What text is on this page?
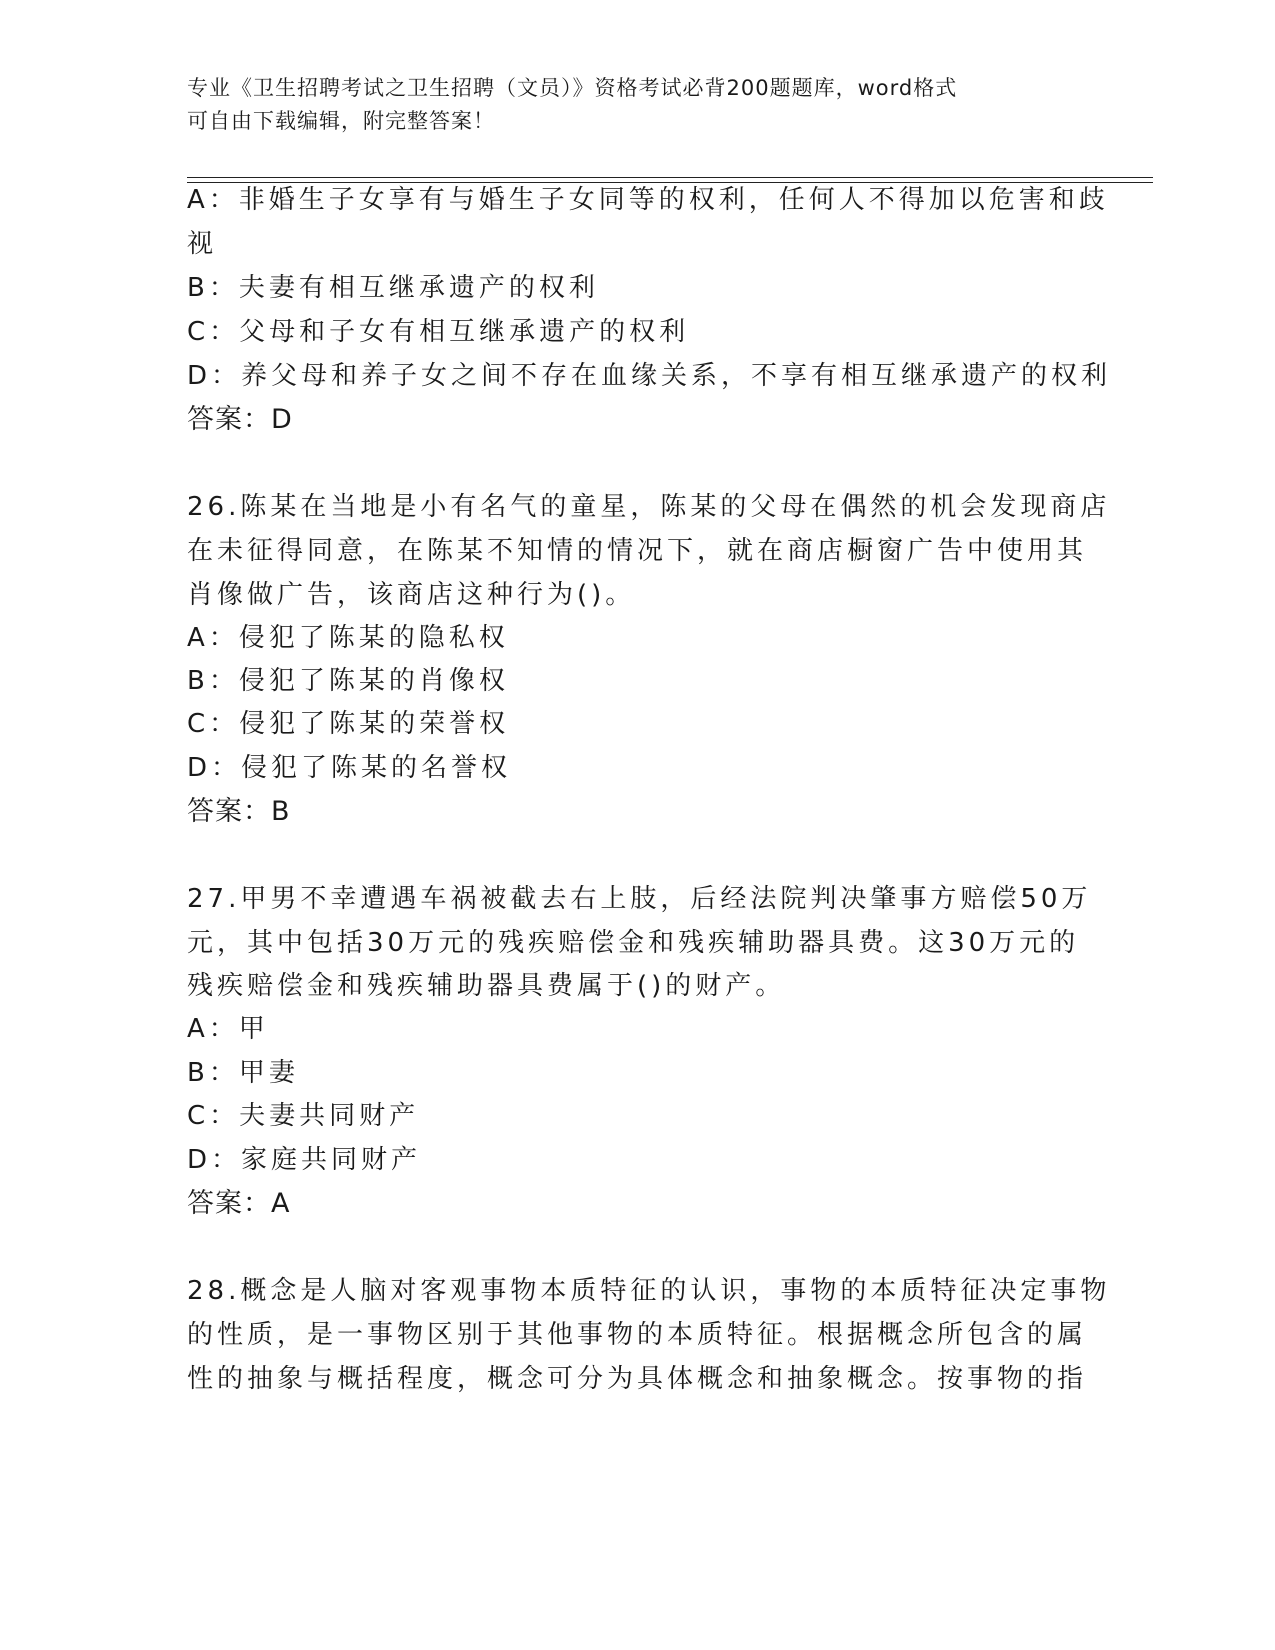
专业《卫生招聘考试之卫生招聘（文员）》资格考试必背200题题库，word格式
可自由下载编辑，附完整答案！
A：非婚生子女享有与婚生子女同等的权利，任何人不得加以危害和歧
视
B：夫妻有相互继承遗产的权利
C：父母和子女有相互继承遗产的权利
D：养父母和养子女之间不存在血缘关系，不享有相互继承遗产的权利
答案：D
26.陈某在当地是小有名气的童星，陈某的父母在偶然的机会发现商店
在未征得同意，在陈某不知情的情况下，就在商店橱窗广告中使用其
肖像做广告，该商店这种行为()。
A：侵犯了陈某的隐私权
B：侵犯了陈某的肖像权
C：侵犯了陈某的荣誉权
D：侵犯了陈某的名誉权
答案：B
27.甲男不幸遭遇车祸被截去右上肢，后经法院判决肇事方赔偿50万
元，其中包括30万元的残疾赔偿金和残疾辅助器具费。这30万元的
残疾赔偿金和残疾辅助器具费属于()的财产。
A：甲
B：甲妻
C：夫妻共同财产
D：家庭共同财产
答案：A
28.概念是人脑对客观事物本质特征的认识，事物的本质特征决定事物
的性质，是一事物区别于其他事物的本质特征。根据概念所包含的属
性的抽象与概括程度，概念可分为具体概念和抽象概念。按事物的指
